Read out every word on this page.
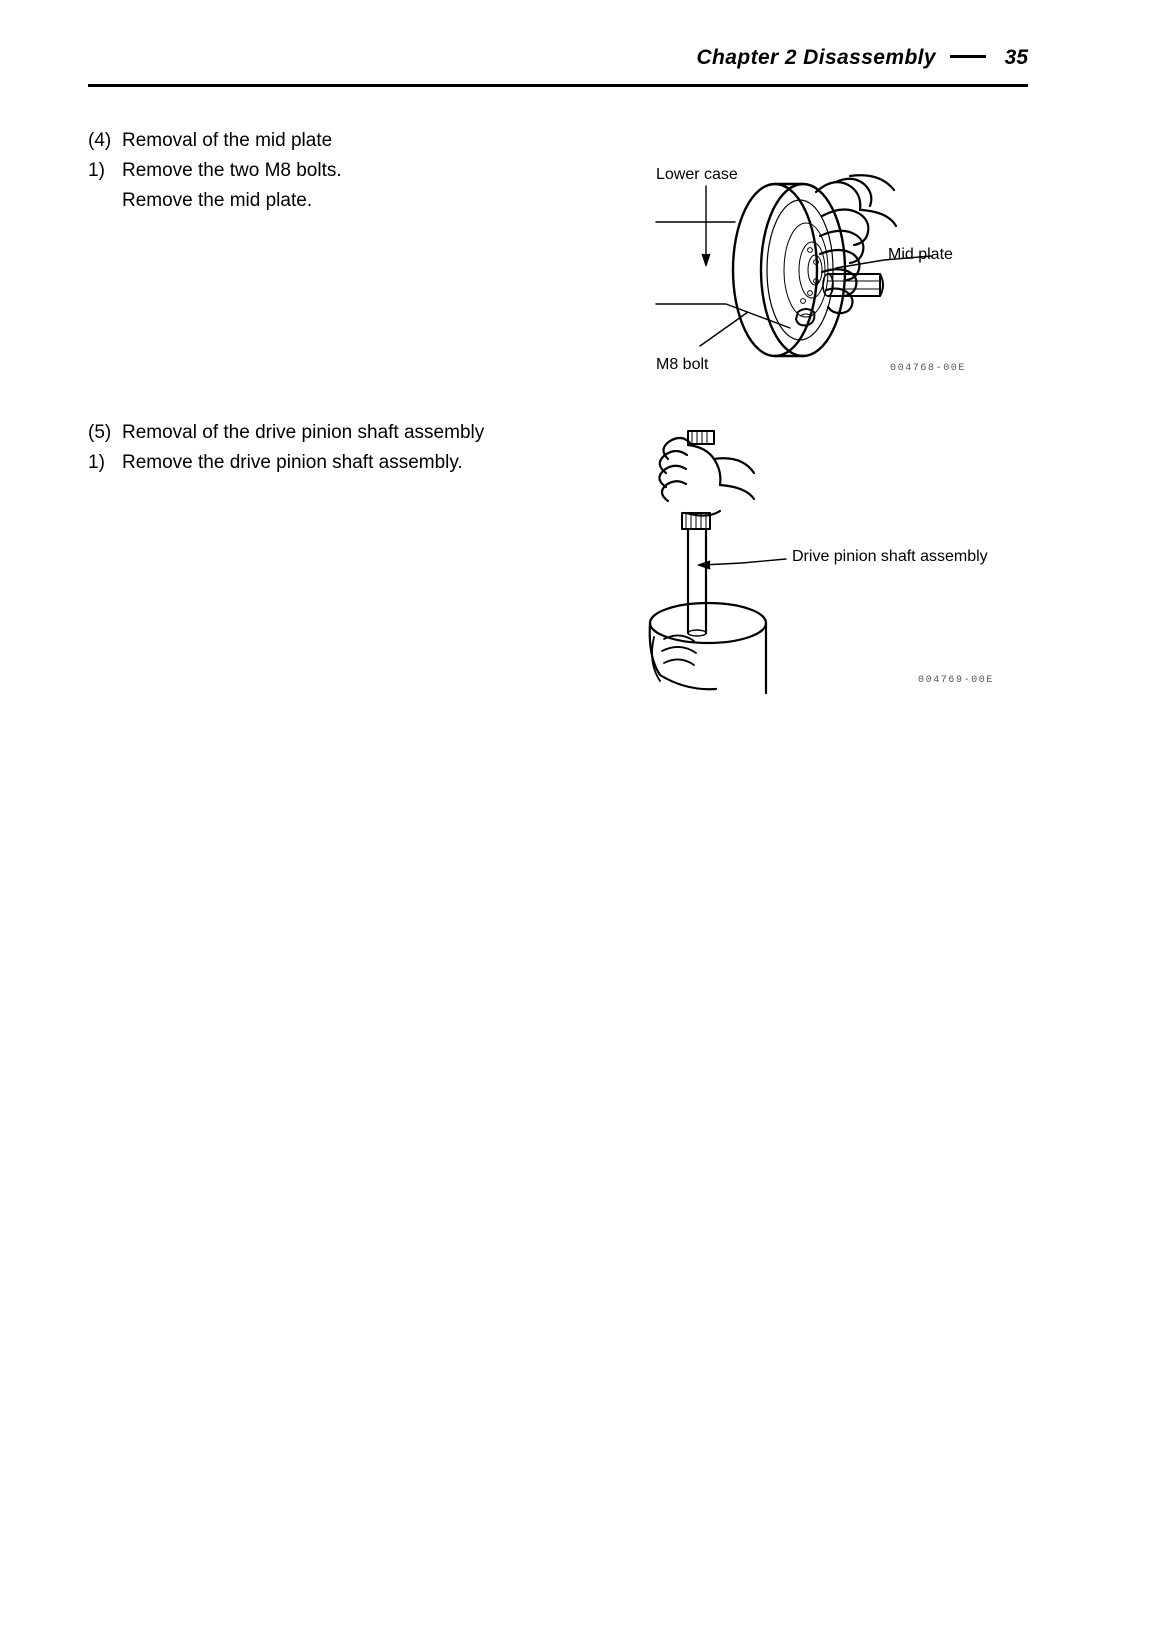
Chapter 2 Disassembly	35
(4) Removal of the mid plate
1) Remove the two M8 bolts.
Remove the mid plate.
(5) Removal of the drive pinion shaft assembly
1) Remove the drive pinion shaft assembly.
Lower case
Mid plate
M8 bolt	004768-00E
Drive pinion shaft assembly
004769-00E
